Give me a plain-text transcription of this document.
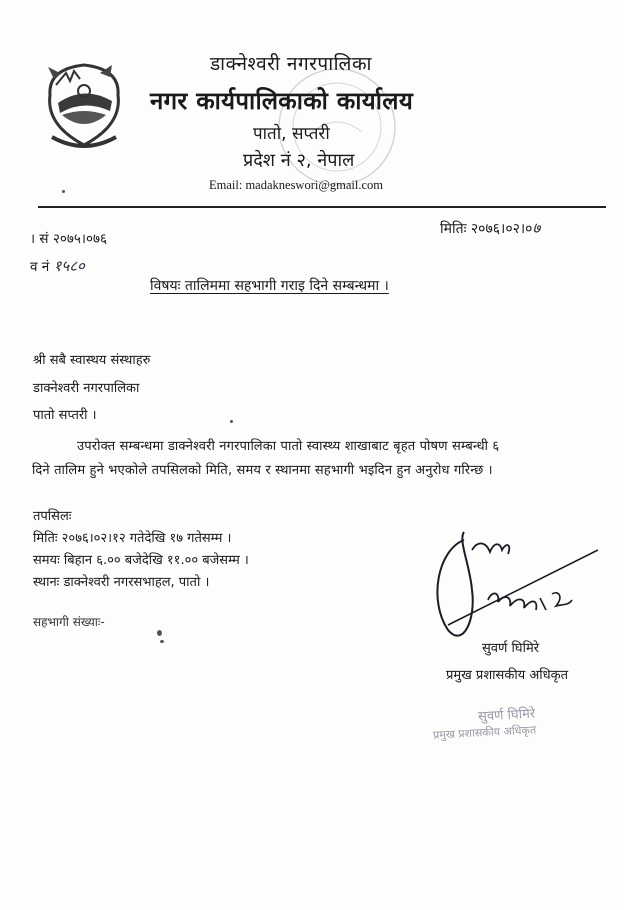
डाक्नेश्वरी नगरपालिका
नगर कार्यपालिकाको कार्यालय
पातो, सप्तरी
प्रदेश नं २, नेपाल
Email: madakneswori@gmail.com
। सं २०७५।०७६
व नं १५८०
मितिः २०७६।०२।०७
विषयः तालिममा सहभागी गराइ दिने सम्बन्धमा ।
श्री सबै स्वास्थय संस्थाहरु
डाक्नेश्वरी नगरपालिका
पातो सप्तरी ।
उपरोक्त सम्बन्धमा डाक्नेश्वरी नगरपालिका पातो स्वास्थ्य शाखाबाट बृहत पोषण सम्बन्धी ६
दिने तालिम हुने भएकोले तपसिलको मिति, समय र स्थानमा सहभागी भइदिन हुन अनुरोध गरिन्छ ।
तपसिलः
मितिः २०७६।०२।१२ गतेदेखि १७ गतेसम्म ।
समयः बिहान ६.०० बजेदेखि ११.०० बजेसम्म ।
स्थानः डाक्नेश्वरी नगरसभाहल, पातो ।
सहभागी संख्याः-
सुवर्ण घिमिरे
प्रमुख प्रशासकीय अधिकृत
सुवर्ण घिमिरे
प्रमुख प्रशासकीय अधिकृत
